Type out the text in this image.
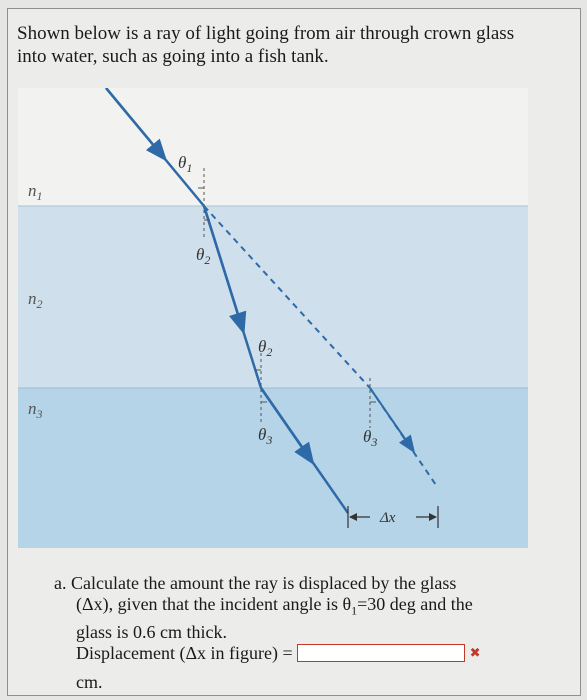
Shown below is a ray of light going from air through crown glass into water, such as going into a fish tank.
$n_1$
$n_2$
$n_3$
$\theta_1$
$\theta_2$
$\theta_2$
$\theta_3$	$\theta_3$
Δx
a. Calculate the amount the ray is displaced by the glass
(Δx), given that the incident angle is $\theta_1=30$ deg and the
glass is 0.6 cm thick.
Displacement (Δx in figure) =	✖
cm.
